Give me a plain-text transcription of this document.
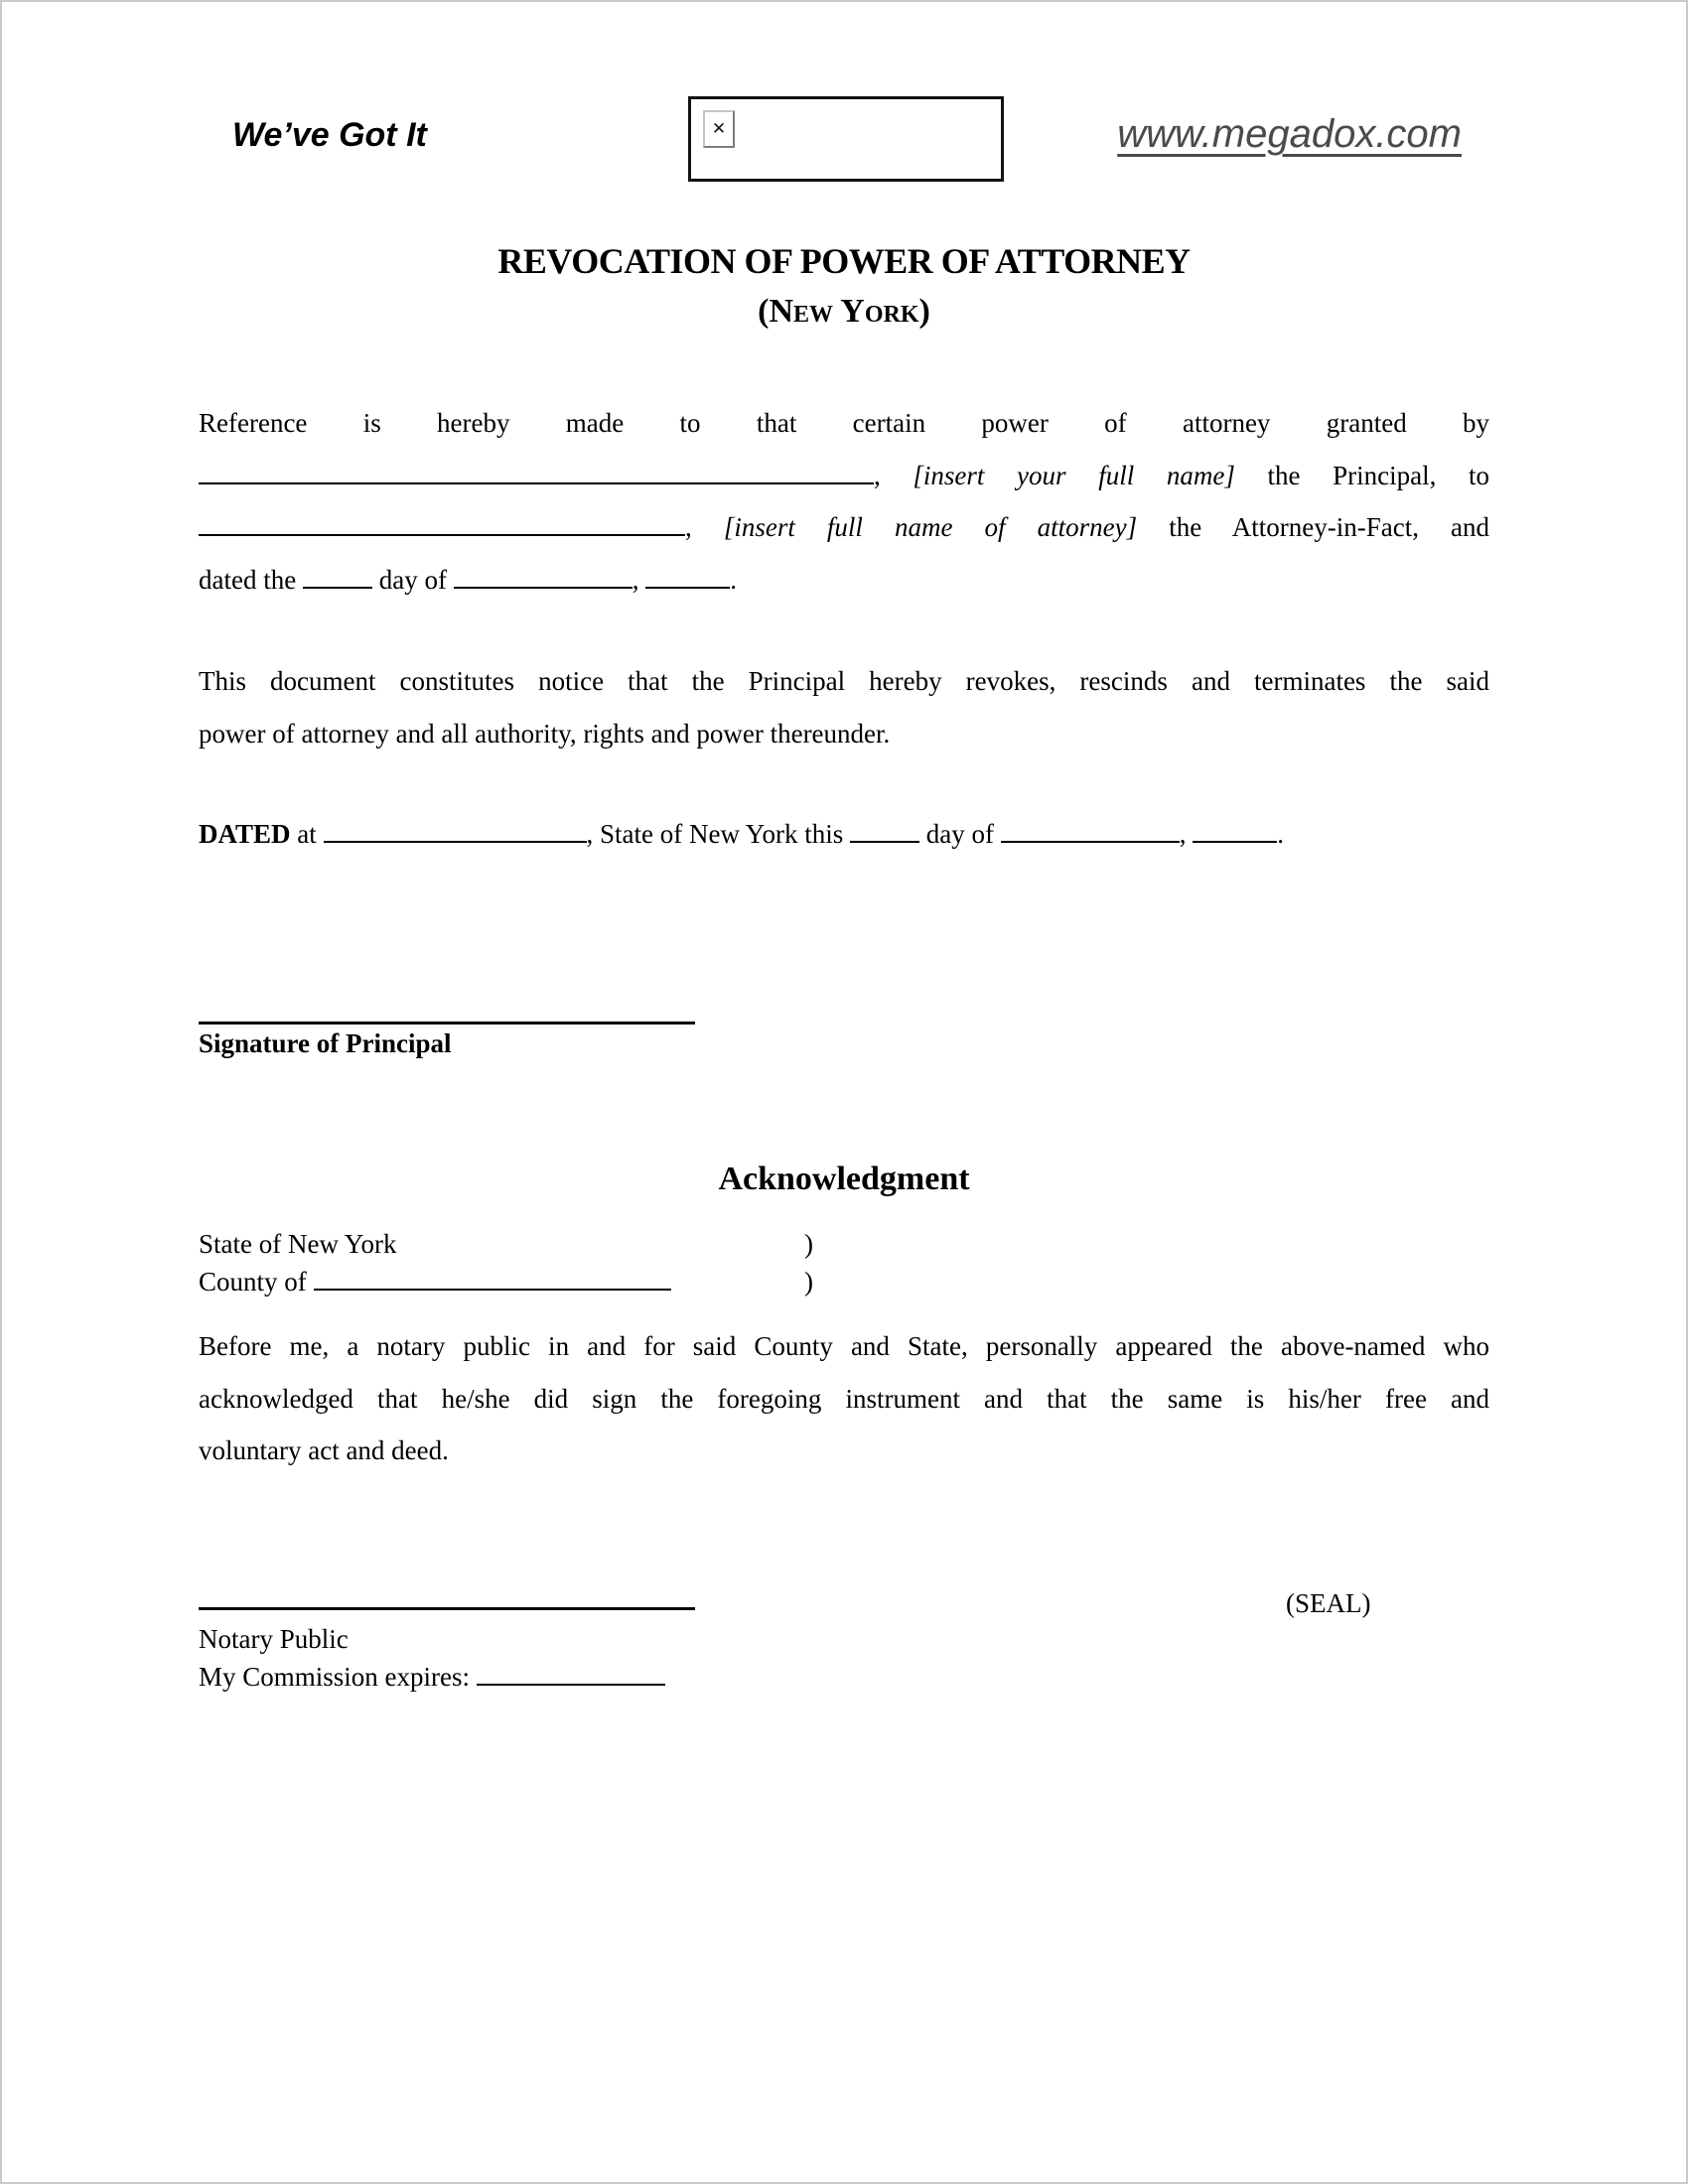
We’ve Got It	✕	www.megadox.com
REVOCATION OF POWER OF ATTORNEY
(New York)
Reference is hereby made to that certain power of attorney granted by
, [insert your full name] the Principal, to
, [insert full name of attorney] the Attorney-in-Fact, and
dated the	day of	,	.
This document constitutes notice that the Principal hereby revokes, rescinds and terminates the said
power of attorney and all authority, rights and power thereunder.
DATED at	, State of New York this	day of	,	.
Signature of Principal
Acknowledgment
State of New York	)
County of	)
Before me, a notary public in and for said County and State, personally appeared the above-named who
acknowledged that he/she did sign the foregoing instrument and that the same is his/her free and
voluntary act and deed.
(SEAL)
Notary Public
My Commission expires:
